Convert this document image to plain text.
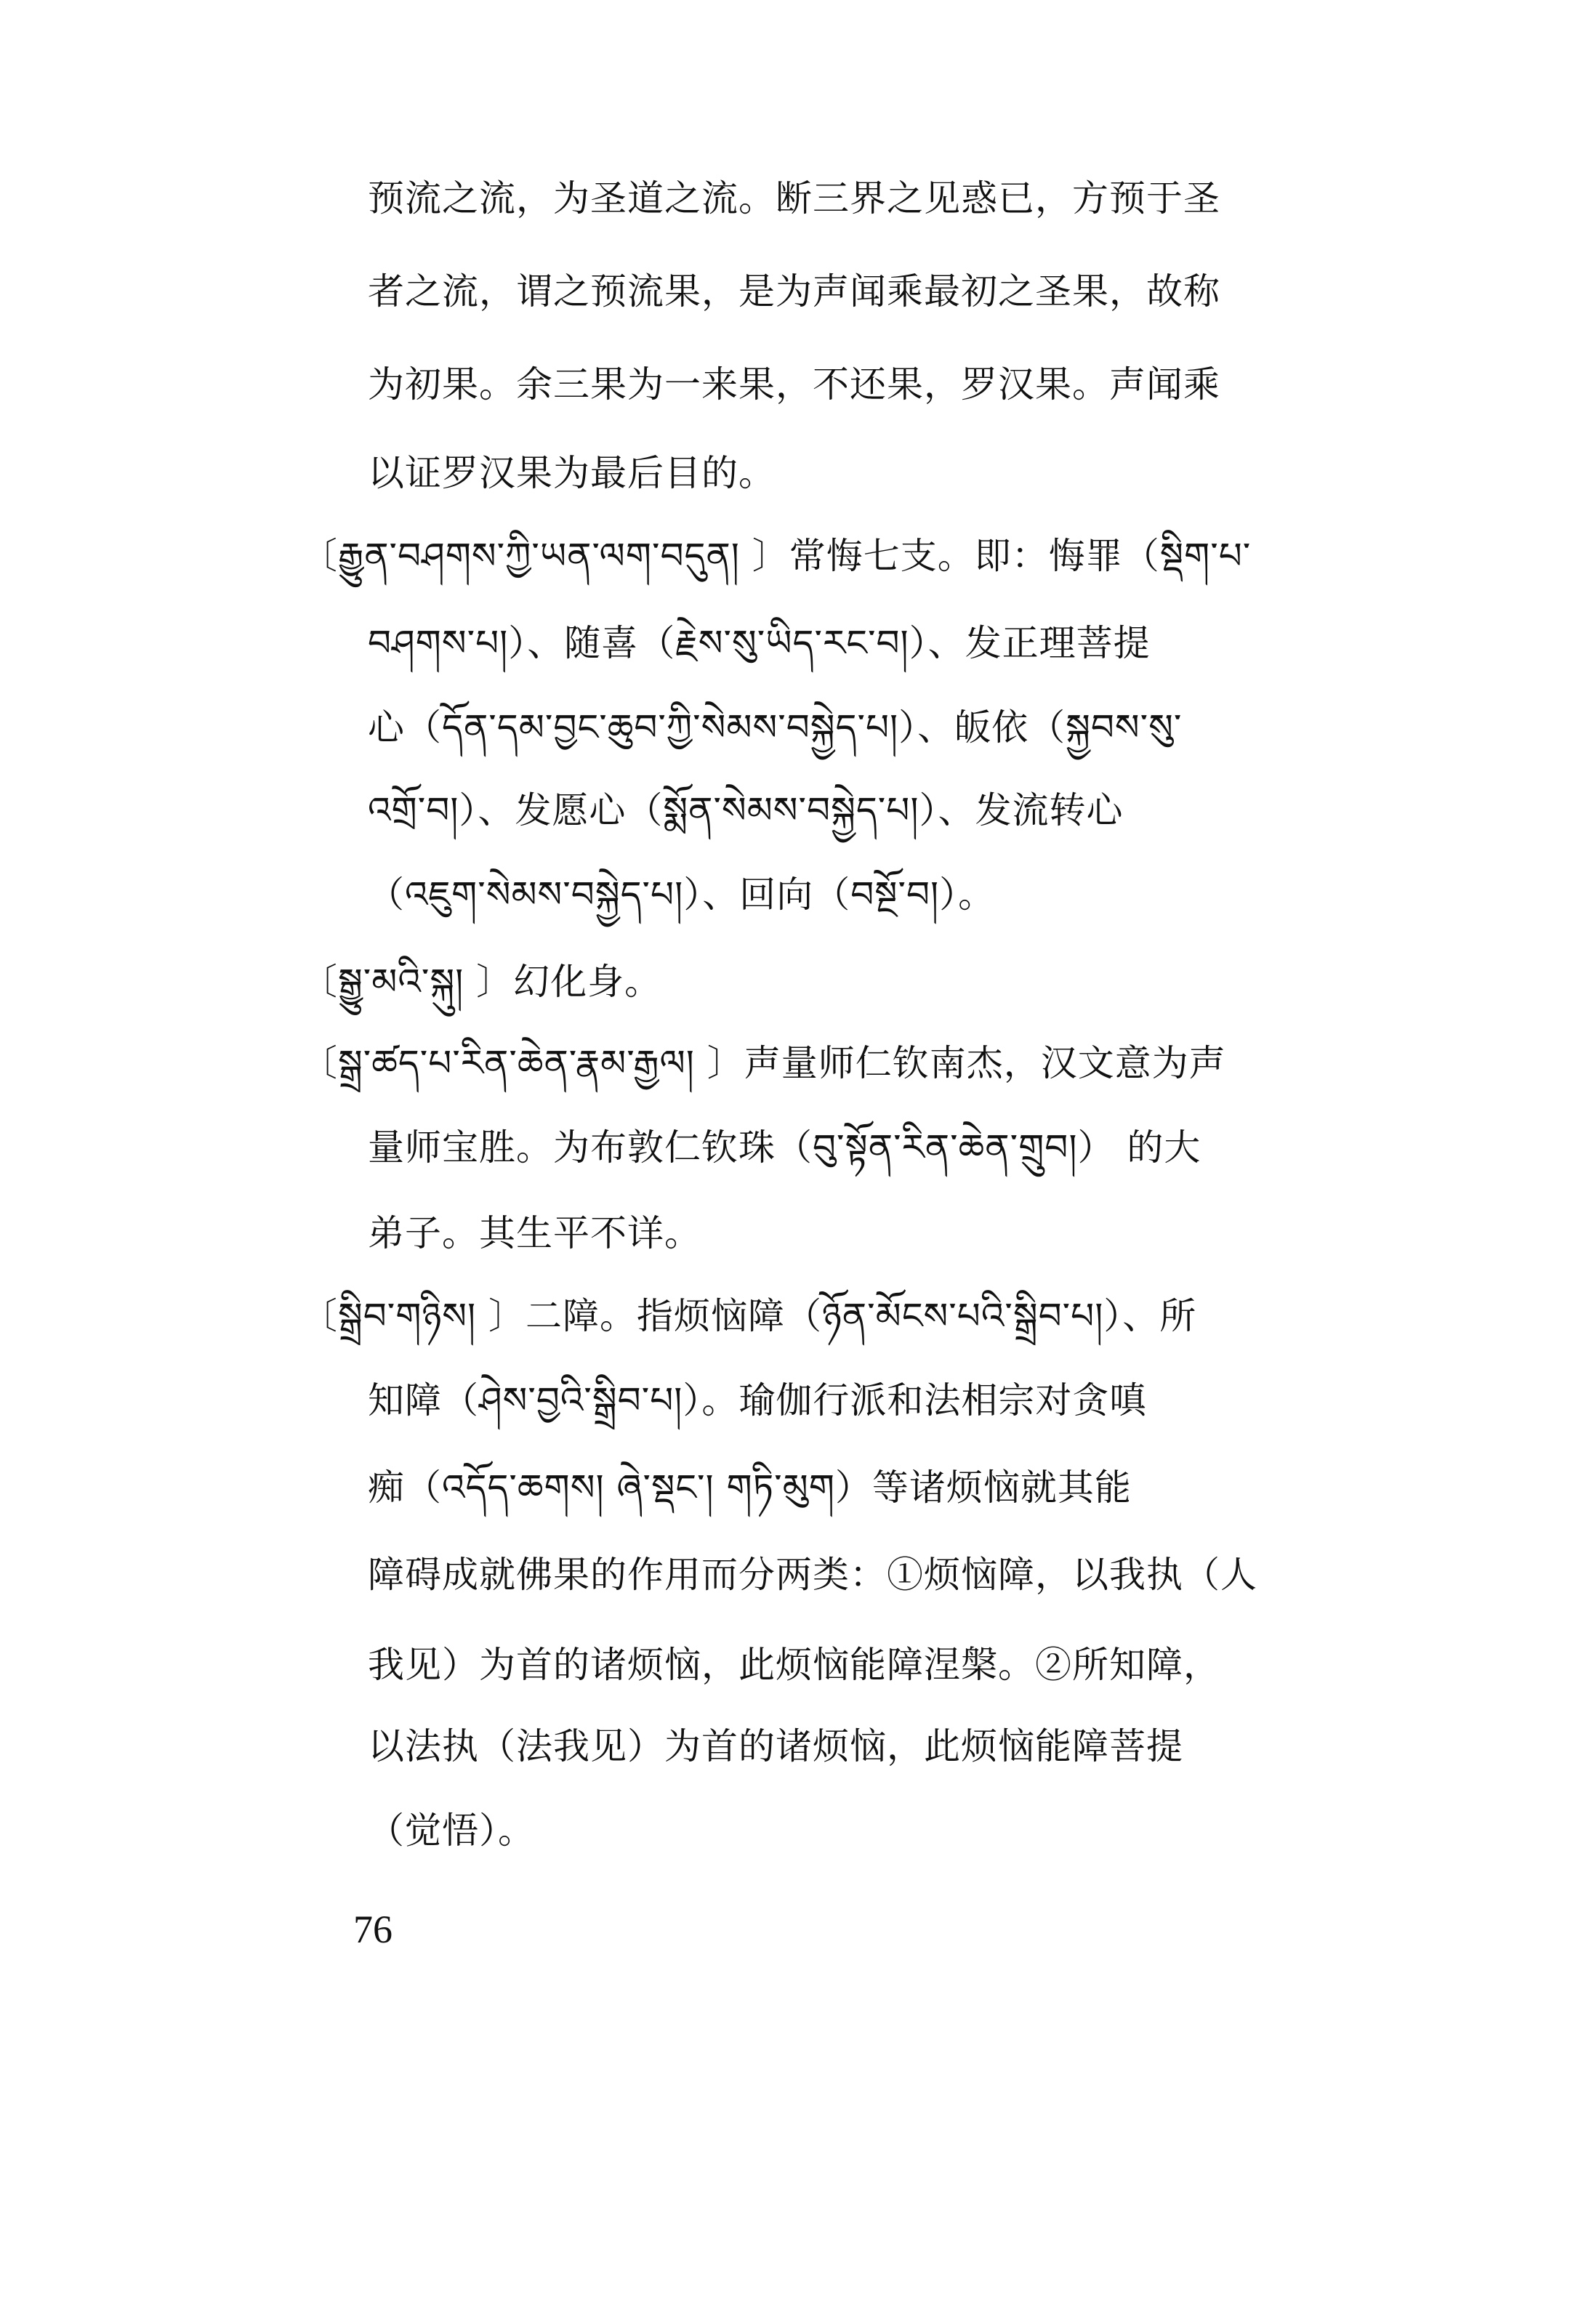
预流之流，为圣道之流。断三界之见惑已，方预于圣
者之流，谓之预流果，是为声闻乘最初之圣果，故称
为初果。余三果为一来果，不还果，罗汉果。声闻乘
以证罗汉果为最后目的。
〔རྒྱུན་བཤགས་ཀྱི་ཡན་ལག་བདུན། 〕常悔七支。即：悔罪（སྡིག་པ་
བཤགས་པ།）、随喜（རྗེས་སུ་ཡིད་རང་བ།）、发正理菩提
心（དོན་དམ་བྱང་ཆུབ་ཀྱི་སེམས་བསྐྱེད་པ།）、皈依（སྐྱབས་སུ་
འགྲོ་བ།）、发愿心（སྨོན་སེམས་བསྐྱེད་པ།）、发流转心
（འཇུག་སེམས་བསྐྱེད་པ།）、回向（བསྔོ་བ།）。
〔སྒྱུ་མའི་སྐུ། 〕幻化身。
〔སྒྲ་ཚད་པ་རིན་ཆེན་རྣམ་རྒྱལ། 〕声量师仁钦南杰，汉文意为声
量师宝胜。为布敦仁钦珠（བུ་སྟོན་རིན་ཆེན་གྲུབ།） 的大
弟子。其生平不详。
〔སྒྲིབ་གཉིས། 〕二障。指烦恼障（ཉོན་མོངས་པའི་སྒྲིབ་པ།）、所
知障（ཤེས་བྱའི་སྒྲིབ་པ།）。瑜伽行派和法相宗对贪嗔
痴（འདོད་ཆགས། ཞེ་སྡང་། གཏི་མུག）等诸烦恼就其能
障碍成就佛果的作用而分两类：①烦恼障，以我执（人
我见）为首的诸烦恼，此烦恼能障涅槃。②所知障，
以法执（法我见）为首的诸烦恼，此烦恼能障菩提
（觉悟）。
76
